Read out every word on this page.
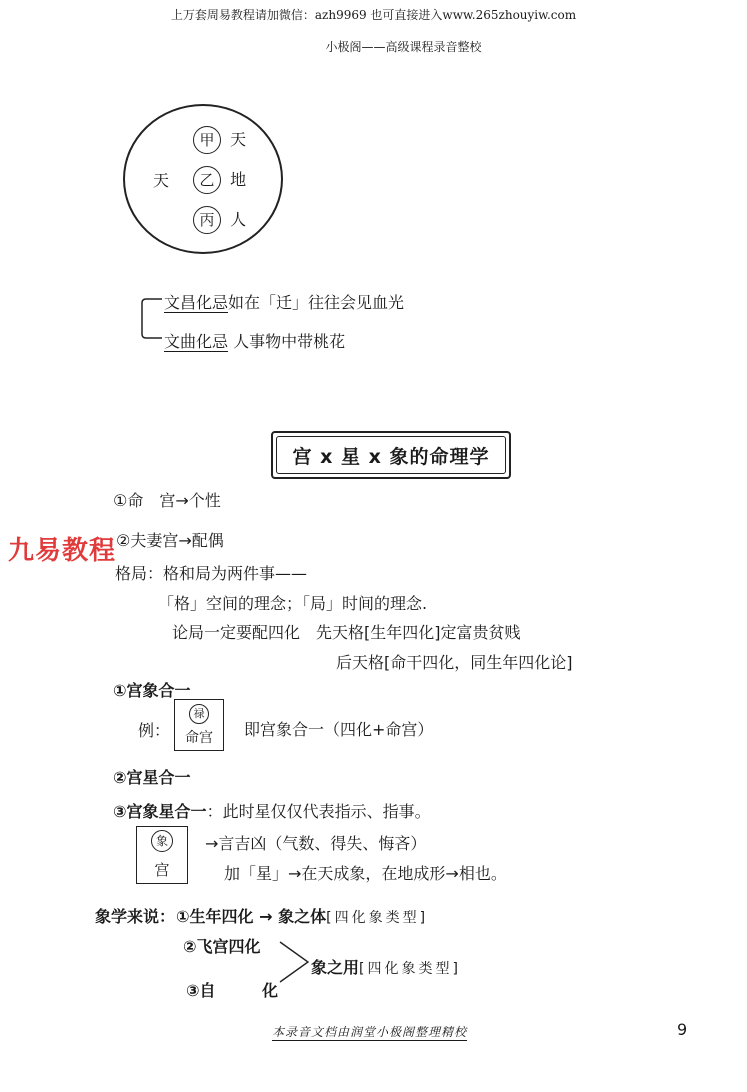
上万套周易教程请加微信：azh9969 也可直接进入www.265zhouyiw.com
小极阁——高级课程录音整校
天
甲 天
乙 地
丙 人
文昌化忌如在「迁」往往会见血光
文曲化忌 人事物中带桃花
宫 x 星 x 象的命理学
①命　宫→个性
②夫妻宫→配偶
格局：格和局为两件事——
「格」空间的理念；「局」时间的理念.
论局一定要配四化　先天格[生年四化]定富贵贫贱
后天格[命干四化，同生年四化论]
①宫象合一
例：
禄
命宫	即宫象合一（四化+命宫）
②宫星合一
③宫象星合一：此时星仅仅代表指示、指事。
象
宫
→言吉凶（气数、得失、悔吝）
加「星」→在天成象，在地成形→相也。
象学来说： ①生年四化 → 象之体[四化象类型]
②飞宫四化
③自	化
象之用[四化象类型]
九易教程
本录音文档由润堂小极阁整理精校	9
